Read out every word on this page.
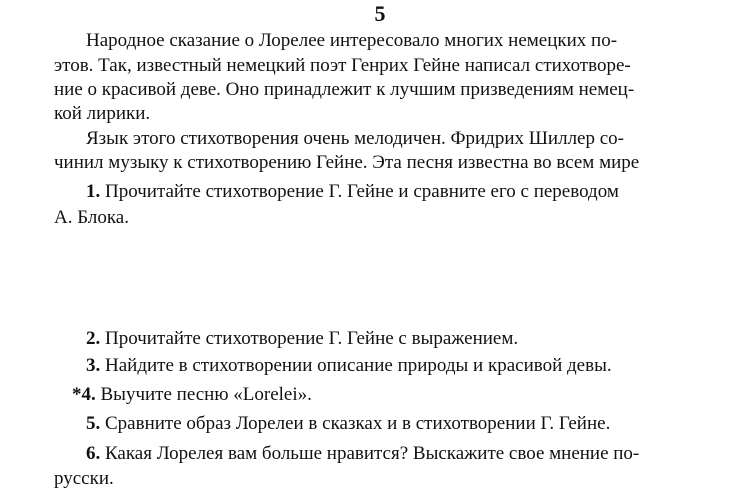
5
Народное сказание о Лорелее интересовало многих немецких по-
этов. Так, известный немецкий поэт Генрих Гейне написал стихотворе-
ние о красивой деве. Оно принадлежит к лучшим призведениям немец-
кой лирики.
Язык этого стихотворения очень мелодичен. Фридрих Шиллер со-
чинил музыку к стихотворению Гейне. Эта песня известна во всем мире
1. Прочитайте стихотворение Г. Гейне и сравните его с переводом
А. Блока.
2. Прочитайте стихотворение Г. Гейне с выражением.
3. Найдите в стихотворении описание природы и красивой девы.
*4. Выучите песню «Lorelei».
5. Сравните образ Лорелеи в сказках и в стихотворении Г. Гейне.
6. Какая Лорелея вам больше нравится? Выскажите свое мнение по-
русски.
